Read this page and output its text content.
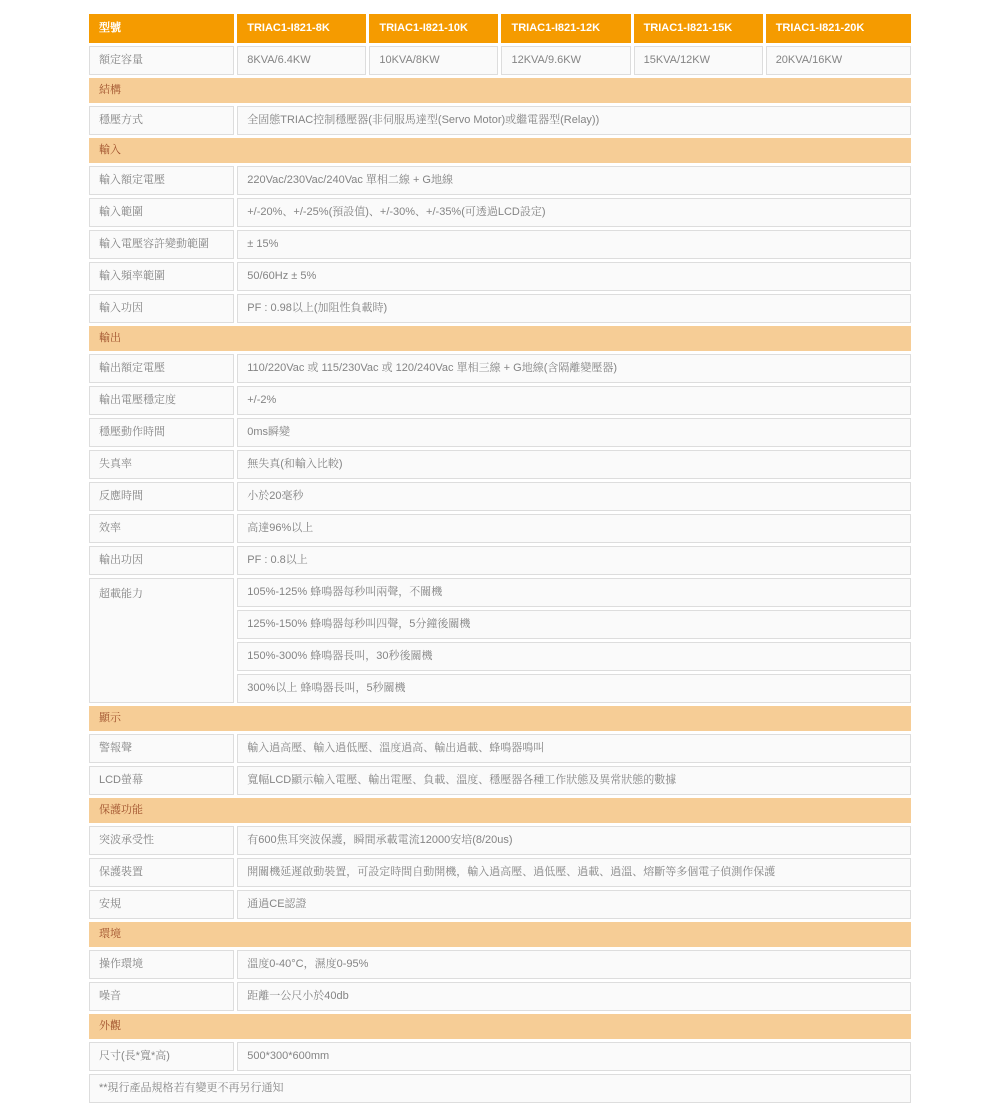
型號	TRIAC1-I821-8K	TRIAC1-I821-10K	TRIAC1-I821-12K	TRIAC1-I821-15K	TRIAC1-I821-20K
額定容量	8KVA/6.4KW	10KVA/8KW	12KVA/9.6KW	15KVA/12KW	20KVA/16KW
結構					
穩壓方式	全固態TRIAC控制穩壓器(非伺服馬達型(Servo Motor)或繼電器型(Relay))				
輸入					
輸入額定電壓	220Vac/230Vac/240Vac 單相二線 + G地線				
輸入範圍	+/-20%、+/-25%(預設值)、+/-30%、+/-35%(可透過LCD設定)				
輸入電壓容許變動範圍	± 15%				
輸入頻率範圍	50/60Hz ± 5%				
輸入功因	PF : 0.98以上(加阻性負載時)				
輸出					
輸出額定電壓	110/220Vac 或 115/230Vac 或 120/240Vac 單相三線 + G地線(含隔離變壓器)				
輸出電壓穩定度	+/-2%				
穩壓動作時間	0ms瞬變				
失真率	無失真(和輸入比較)				
反應時間	小於20毫秒				
效率	高達96%以上				
輸出功因	PF : 0.8以上				
超載能力	105%-125% 蜂鳴器每秒叫兩聲，不關機				
	125%-150% 蜂鳴器每秒叫四聲，5分鐘後關機				
	150%-300% 蜂鳴器長叫，30秒後關機				
	300%以上 蜂鳴器長叫，5秒關機				
顯示					
警報聲	輸入過高壓、輸入過低壓、溫度過高、輸出過載、蜂鳴器鳴叫				
LCD螢幕	寬幅LCD顯示輸入電壓、輸出電壓、負載、溫度、穩壓器各種工作狀態及異常狀態的數據				
保護功能					
突波承受性	有600焦耳突波保護，瞬間承載電流12000安培(8/20us)				
保護裝置	開關機延遲啟動裝置，可設定時間自動開機，輸入過高壓、過低壓、過載、過溫、熔斷等多個電子偵測作保護				
安規	通過CE認證				
環境					
操作環境	溫度0-40°C，濕度0-95%				
噪音	距離一公尺小於40db				
外觀					
尺寸(長*寬*高)	500*300*600mm				
**現行產品規格若有變更不再另行通知					
